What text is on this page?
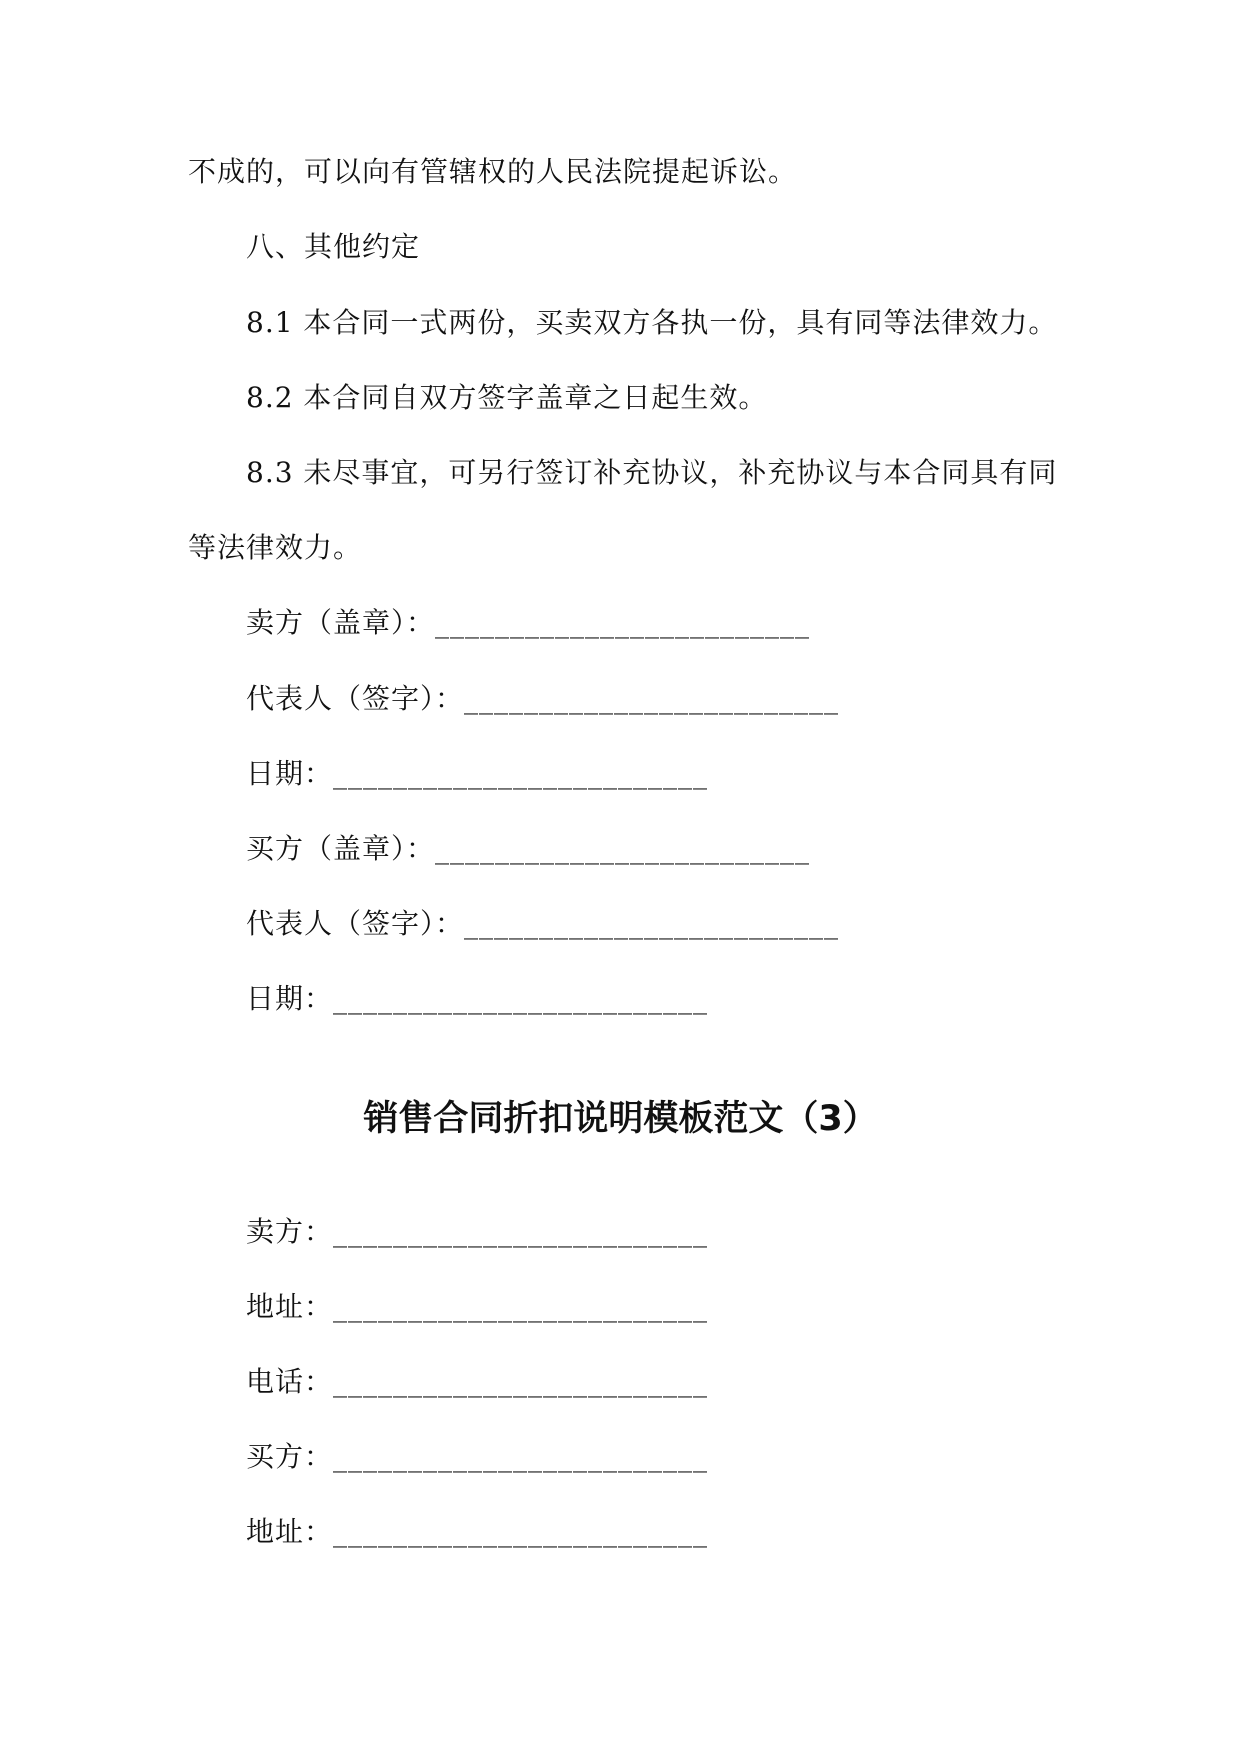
不成的，可以向有管辖权的人民法院提起诉讼。
八、其他约定
8.1 本合同一式两份，买卖双方各执一份，具有同等法律效力。
8.2 本合同自双方签字盖章之日起生效。
8.3 未尽事宜，可另行签订补充协议，补充协议与本合同具有同
等法律效力。
卖方（盖章）：_________________________
代表人（签字）：_________________________
日期：_________________________
买方（盖章）：_________________________
代表人（签字）：_________________________
日期：_________________________
销售合同折扣说明模板范文（3）
卖方：_________________________
地址：_________________________
电话：_________________________
买方：_________________________
地址：_________________________
